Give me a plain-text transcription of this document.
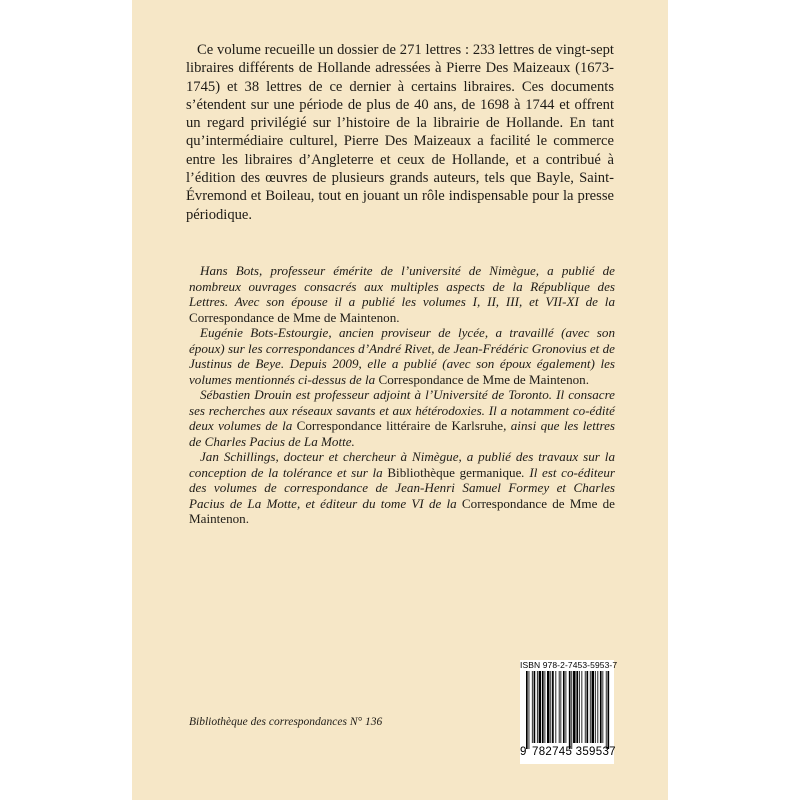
Ce volume recueille un dossier de 271 lettres : 233 lettres de vingt-sept libraires différents de Hollande adressées à Pierre Des Maizeaux (1673-1745) et 38 lettres de ce dernier à certains libraires. Ces documents s’étendent sur une période de plus de 40 ans, de 1698 à 1744 et offrent un regard privilégié sur l’histoire de la librairie de Hollande. En tant qu’intermédiaire culturel, Pierre Des Maizeaux a facilité le commerce entre les libraires d’Angleterre et ceux de Hollande, et a contribué à l’édition des œuvres de plusieurs grands auteurs, tels que Bayle, Saint-Évremond et Boileau, tout en jouant un rôle indispensable pour la presse périodique.

Hans Bots, professeur émérite de l’université de Nimègue, a publié de nombreux ouvrages consacrés aux multiples aspects de la République des Lettres. Avec son épouse il a publié les volumes I, II, III, et VII-XI de la Correspondance de Mme de Maintenon.

Eugénie Bots-Estourgie, ancien proviseur de lycée, a travaillé (avec son époux) sur les correspondances d’André Rivet, de Jean-Frédéric Gronovius et de Justinus de Beye. Depuis 2009, elle a publié (avec son époux également) les volumes mentionnés ci-dessus de la Correspondance de Mme de Maintenon.

Sébastien Drouin est professeur adjoint à l’Université de Toronto. Il consacre ses recherches aux réseaux savants et aux hétérodoxies. Il a notamment co-édité deux volumes de la Correspondance littéraire de Karlsruhe, ainsi que les lettres de Charles Pacius de La Motte.

Jan Schillings, docteur et chercheur à Nimègue, a publié des travaux sur la conception de la tolérance et sur la Bibliothèque germanique. Il est co-éditeur des volumes de correspondance de Jean-Henri Samuel Formey et Charles Pacius de La Motte, et éditeur du tome VI de la Correspondance de Mme de Maintenon.

Bibliothèque des correspondances N° 136

ISBN 978-2-7453-5953-7
9 782745 359537
